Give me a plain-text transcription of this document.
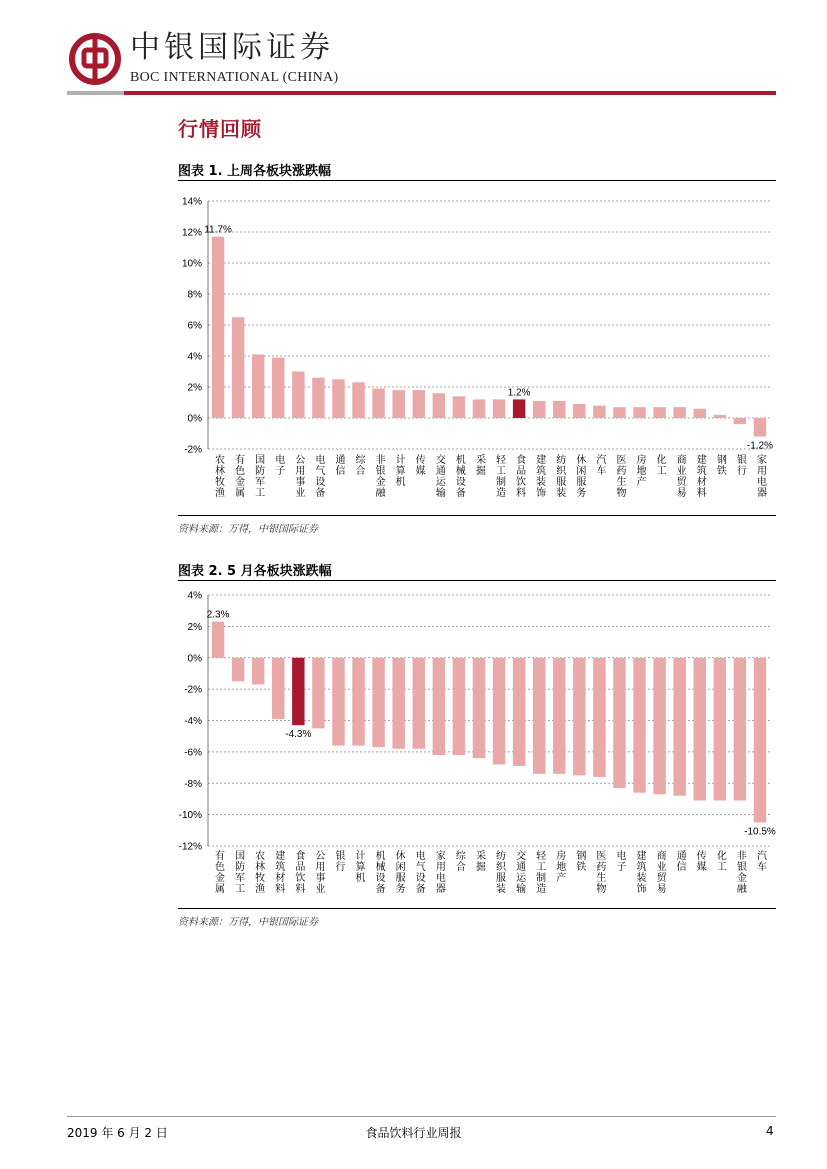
中银国际证券
BOC INTERNATIONAL (CHINA)
行情回顾
图表 1. 上周各板块涨跌幅
-2%
0%
2%
4%
6%
8%
10%
12%
14%
农林牧渔
11.7%
有色金属 国防军工 电子 公用事业 电气设备 通信 综合 非银金融 计算机 传媒 交通运输 机械设备 采掘 轻工制造 食品饮料
1.2%
建筑装饰 纺织服装 休闲服务 汽车 医药生物 房地产 化工 商业贸易 建筑材料 钢铁 银行 家用电器
-1.2%
资料来源：万得，中银国际证券
图表 2. 5 月各板块涨跌幅
-12%
-10%
-8%
-6%
-4%
-2%
0%
2%
4%
有色金属
2.3%
国防军工 农林牧渔 建筑材料 食品饮料
-4.3%
公用事业 银行 计算机 机械设备 休闲服务 电气设备 家用电器 综合 采掘 纺织服装 交通运输 轻工制造 房地产 钢铁 医药生物 电子 建筑装饰 商业贸易 通信 传媒 化工 非银金融 汽车
-10.5%
资料来源：万得，中银国际证券
2019 年 6 月 2 日	食品饮料行业周报	4
